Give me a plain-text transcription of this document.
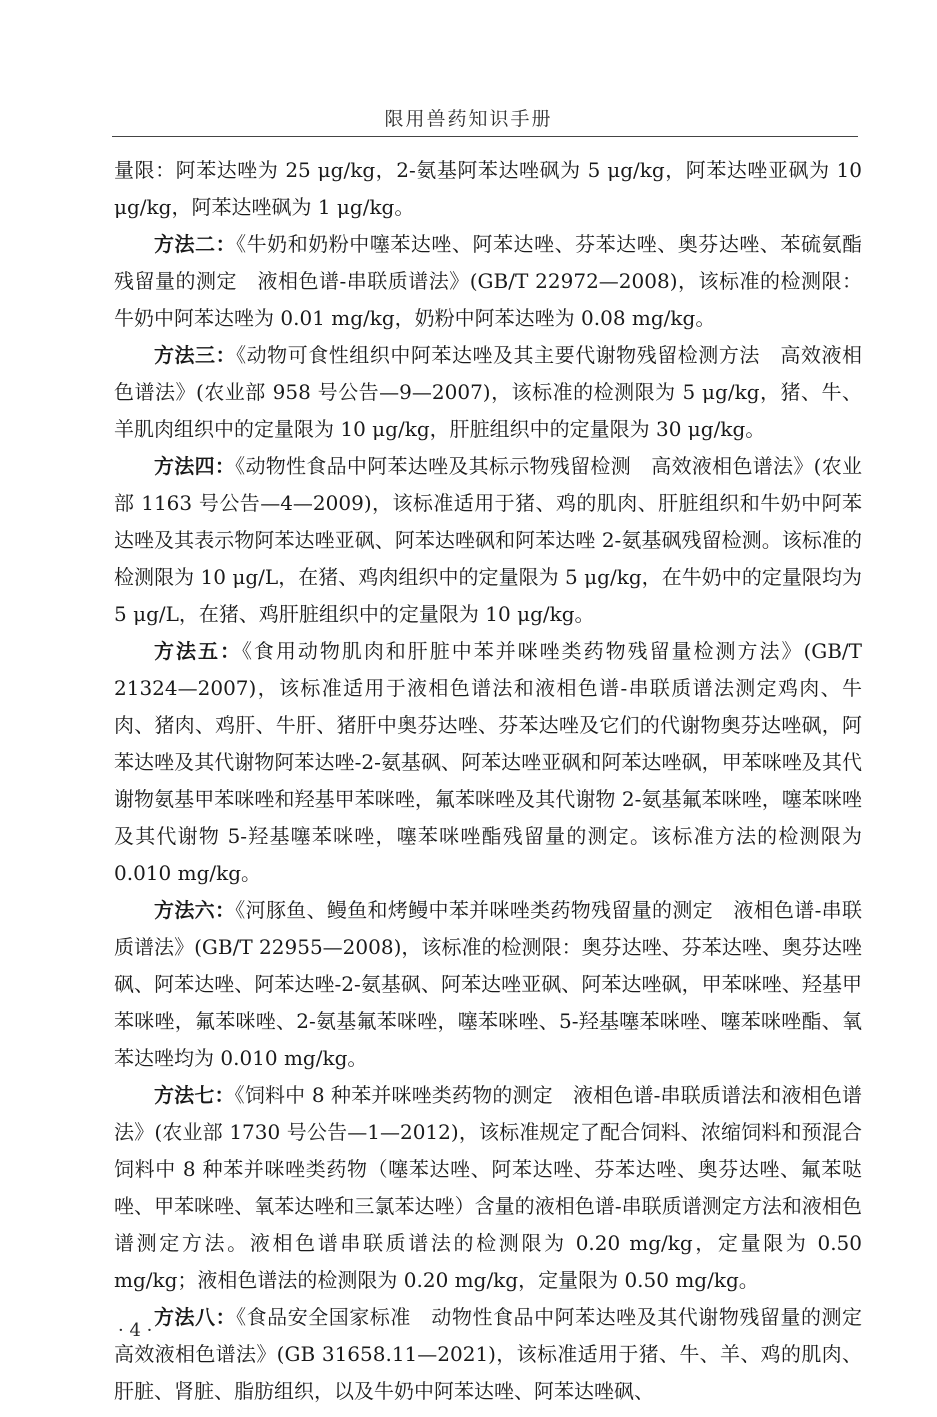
限用兽药知识手册

量限：阿苯达唑为 25 μg/kg，2-氨基阿苯达唑砜为 5 μg/kg，阿苯达唑亚砜为 10 μg/kg，阿苯达唑砜为 1 μg/kg。

方法二：《牛奶和奶粉中噻苯达唑、阿苯达唑、芬苯达唑、奥芬达唑、苯硫氨酯残留量的测定　液相色谱-串联质谱法》(GB/T 22972—2008)，该标准的检测限：牛奶中阿苯达唑为 0.01 mg/kg，奶粉中阿苯达唑为 0.08 mg/kg。

方法三：《动物可食性组织中阿苯达唑及其主要代谢物残留检测方法　高效液相色谱法》(农业部 958 号公告—9—2007)，该标准的检测限为 5 μg/kg，猪、牛、羊肌肉组织中的定量限为 10 μg/kg，肝脏组织中的定量限为 30 μg/kg。

方法四：《动物性食品中阿苯达唑及其标示物残留检测　高效液相色谱法》(农业部 1163 号公告—4—2009)，该标准适用于猪、鸡的肌肉、肝脏组织和牛奶中阿苯达唑及其表示物阿苯达唑亚砜、阿苯达唑砜和阿苯达唑 2-氨基砜残留检测。该标准的检测限为 10 μg/L，在猪、鸡肉组织中的定量限为 5 μg/kg，在牛奶中的定量限均为 5 μg/L，在猪、鸡肝脏组织中的定量限为 10 μg/kg。

方法五：《食用动物肌肉和肝脏中苯并咪唑类药物残留量检测方法》(GB/T 21324—2007)，该标准适用于液相色谱法和液相色谱-串联质谱法测定鸡肉、牛肉、猪肉、鸡肝、牛肝、猪肝中奥芬达唑、芬苯达唑及它们的代谢物奥芬达唑砜，阿苯达唑及其代谢物阿苯达唑-2-氨基砜、阿苯达唑亚砜和阿苯达唑砜，甲苯咪唑及其代谢物氨基甲苯咪唑和羟基甲苯咪唑，氟苯咪唑及其代谢物 2-氨基氟苯咪唑，噻苯咪唑及其代谢物 5-羟基噻苯咪唑，噻苯咪唑酯残留量的测定。该标准方法的检测限为 0.010 mg/kg。

方法六：《河豚鱼、鳗鱼和烤鳗中苯并咪唑类药物残留量的测定　液相色谱-串联质谱法》(GB/T 22955—2008)，该标准的检测限：奥芬达唑、芬苯达唑、奥芬达唑砜、阿苯达唑、阿苯达唑-2-氨基砜、阿苯达唑亚砜、阿苯达唑砜，甲苯咪唑、羟基甲苯咪唑，氟苯咪唑、2-氨基氟苯咪唑，噻苯咪唑、5-羟基噻苯咪唑、噻苯咪唑酯、氧苯达唑均为 0.010 mg/kg。

方法七：《饲料中 8 种苯并咪唑类药物的测定　液相色谱-串联质谱法和液相色谱法》(农业部 1730 号公告—1—2012)，该标准规定了配合饲料、浓缩饲料和预混合饲料中 8 种苯并咪唑类药物（噻苯达唑、阿苯达唑、芬苯达唑、奥芬达唑、氟苯哒唑、甲苯咪唑、氧苯达唑和三氯苯达唑）含量的液相色谱-串联质谱测定方法和液相色谱测定方法。液相色谱串联质谱法的检测限为 0.20 mg/kg，定量限为 0.50 mg/kg；液相色谱法的检测限为 0.20 mg/kg，定量限为 0.50 mg/kg。

方法八：《食品安全国家标准　动物性食品中阿苯达唑及其代谢物残留量的测定　高效液相色谱法》(GB 31658.11—2021)，该标准适用于猪、牛、羊、鸡的肌肉、肝脏、肾脏、脂肪组织，以及牛奶中阿苯达唑、阿苯达唑砜、

· 4 ·
